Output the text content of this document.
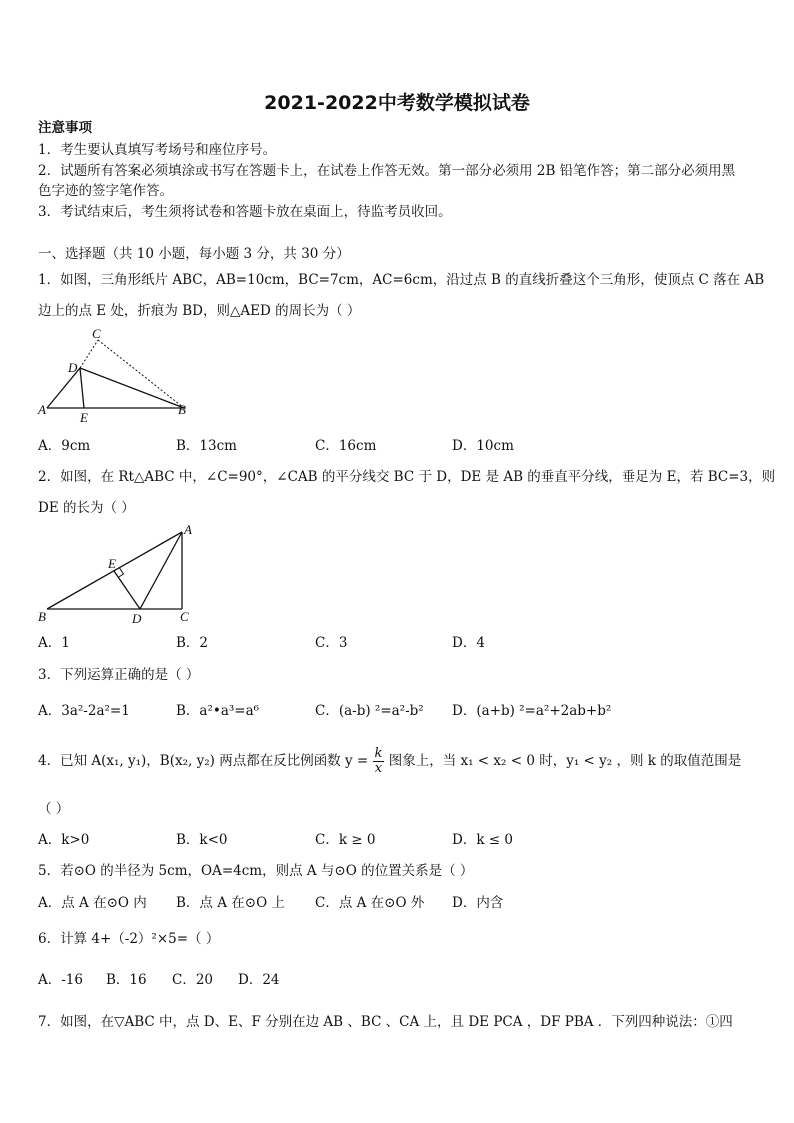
2021-2022中考数学模拟试卷
注意事项
1．考生要认真填写考场号和座位序号。
2．试题所有答案必须填涂或书写在答题卡上，在试卷上作答无效。第一部分必须用 2B 铅笔作答；第二部分必须用黑
色字迹的签字笔作答。
3．考试结束后，考生须将试卷和答题卡放在桌面上，待监考员收回。
一、选择题（共 10 小题，每小题 3 分，共 30 分）
1．如图，三角形纸片 ABC，AB=10cm，BC=7cm，AC=6cm，沿过点 B 的直线折叠这个三角形，使顶点 C 落在 AB
边上的点 E 处，折痕为 BD，则△AED 的周长为（ ）
C
D
A
E
B
A．9cm	B．13cm	C．16cm	D．10cm
2．如图，在 Rt△ABC 中，∠C=90°，∠CAB 的平分线交 BC 于 D，DE 是 AB 的垂直平分线，垂足为 E，若 BC=3，则
DE 的长为（ ）
A
E
B	D	C
A．1	B．2	C．3	D．4
3．下列运算正确的是（ ）
A．3a²-2a²=1	B．a²•a³=a⁶	C．(a-b) ²=a²-b² D．(a+b) ²=a²+2ab+b²
4．已知 A(x₁, y₁)，B(x₂, y₂) 两点都在反比例函数 $y = \frac{k}{x}$ 图象上，当 x₁ < x₂ < 0 时，y₁ < y₂ ，则 k 的取值范围是
（ ）
A．k>0	B．k<0	C．k ≥ 0	D．k ≤ 0
5．若⊙O 的半径为 5cm，OA=4cm，则点 A 与⊙O 的位置关系是（ ）
A．点 A 在⊙O 内 B．点 A 在⊙O 上 C．点 A 在⊙O 外 D．内含
6．计算 4+（-2）²×5=（ ）
A．-16 B．16 C．20 D．24
7．如图，在▽ABC 中，点 D、E、F 分别在边 AB 、BC 、CA 上，且 DE PCA ，DF PBA ．下列四种说法：①四
